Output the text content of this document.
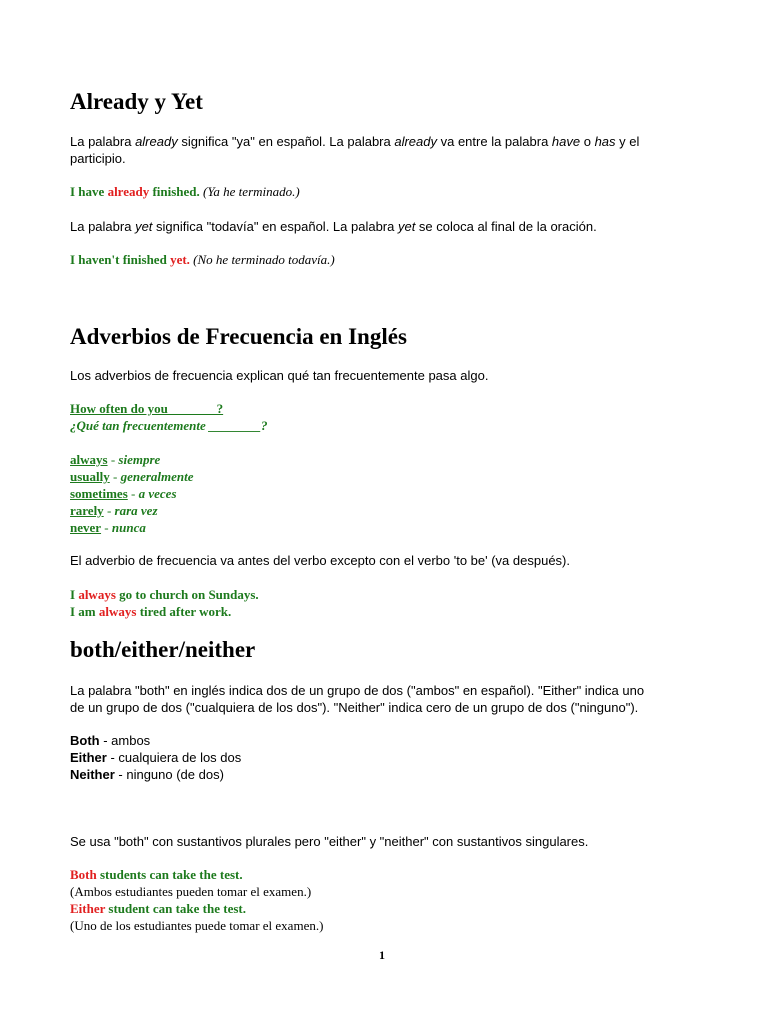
Already y Yet
La palabra already significa "ya" en español. La palabra already va entre la palabra have o has y el
participio.
I have already finished. (Ya he terminado.)
La palabra yet significa "todavía" en español. La palabra yet se coloca al final de la oración.
I haven't finished yet. (No he terminado todavía.)
Adverbios de Frecuencia en Inglés
Los adverbios de frecuencia explican qué tan frecuentemente pasa algo.
How often do you _______?
¿Qué tan frecuentemente ________?
always - siempre
usually - generalmente
sometimes - a veces
rarely - rara vez
never - nunca
El adverbio de frecuencia va antes del verbo excepto con el verbo 'to be' (va después).
I always go to church on Sundays.
I am always tired after work.
both/either/neither
La palabra "both" en inglés indica dos de un grupo de dos ("ambos" en español). "Either" indica uno
de un grupo de dos ("cualquiera de los dos"). "Neither" indica cero de un grupo de dos ("ninguno").
Both - ambos
Either - cualquiera de los dos
Neither - ninguno (de dos)
Se usa "both" con sustantivos plurales pero "either" y "neither" con sustantivos singulares.
Both students can take the test.
(Ambos estudiantes pueden tomar el examen.)
Either student can take the test.
(Uno de los estudiantes puede tomar el examen.)
1
